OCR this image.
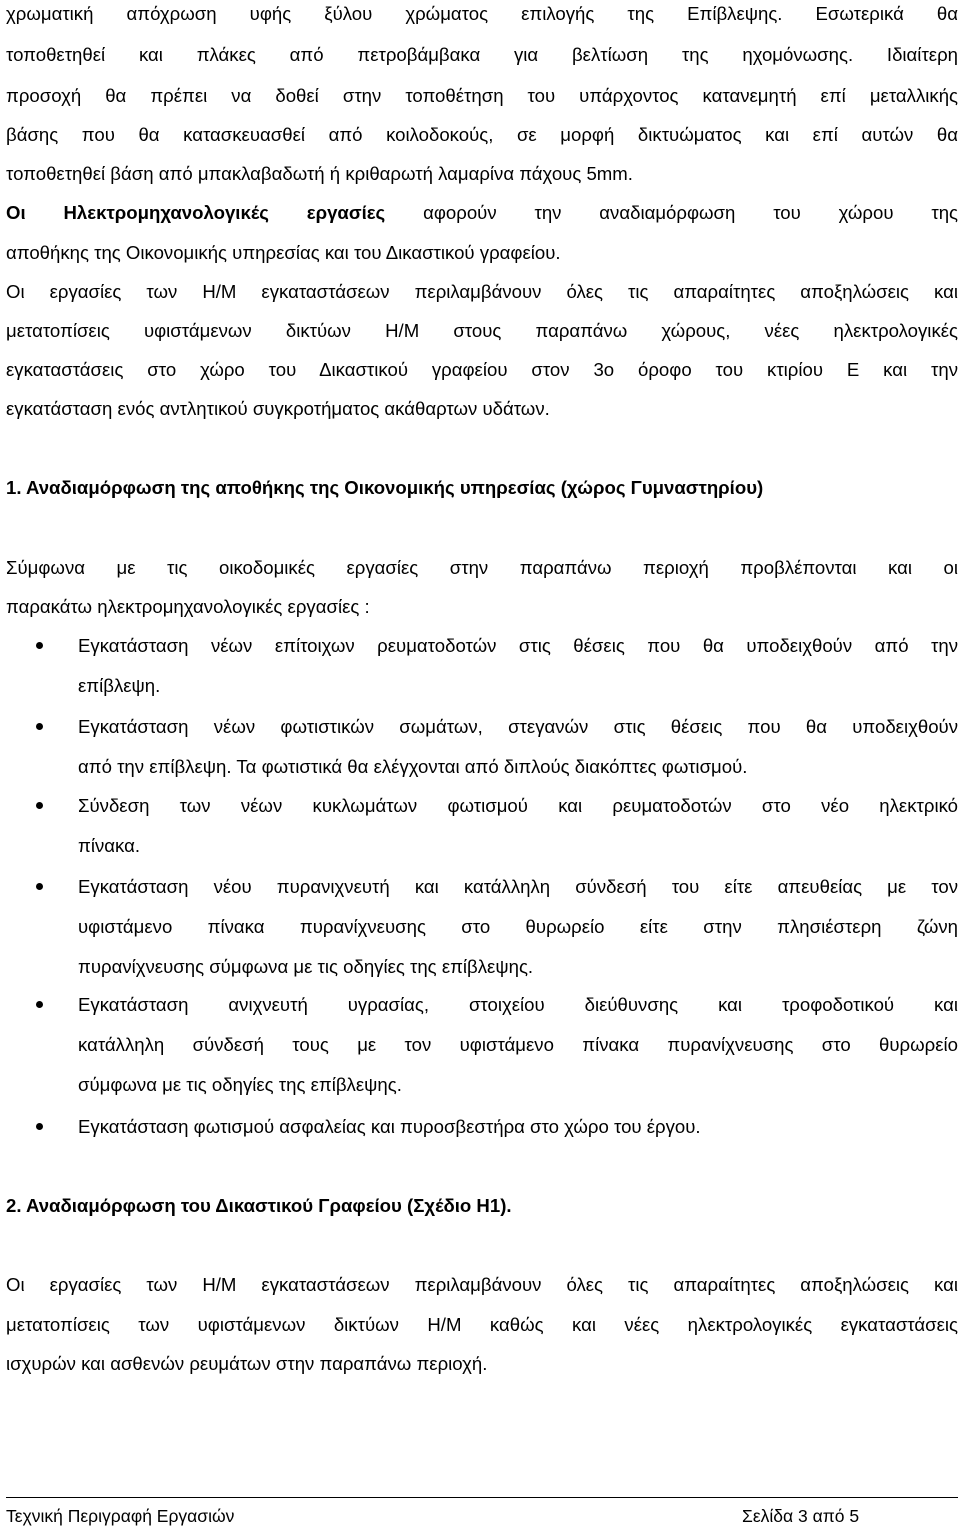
χρωματική απόχρωση υφής ξύλου χρώματος επιλογής της Επίβλεψης. Εσωτερικά θα
τοποθετηθεί και πλάκες από πετροβάμβακα για βελτίωση της ηχομόνωσης. Ιδιαίτερη
προσοχή θα πρέπει να δοθεί στην τοποθέτηση του υπάρχοντος κατανεμητή επί μεταλλικής
βάσης που θα κατασκευασθεί από κοιλοδοκούς, σε μορφή δικτυώματος και επί αυτών θα
τοποθετηθεί βάση από μπακλαβαδωτή ή κριθαρωτή λαμαρίνα πάχους 5mm.
Οι Ηλεκτρομηχανολογικές εργασίες αφορούν την αναδιαμόρφωση του χώρου της
αποθήκης της Οικονομικής υπηρεσίας και του Δικαστικού γραφείου.
Οι εργασίες των Η/Μ εγκαταστάσεων περιλαμβάνουν όλες τις απαραίτητες αποξηλώσεις και
μετατοπίσεις υφιστάμενων δικτύων Η/Μ στους παραπάνω χώρους, νέες ηλεκτρολογικές
εγκαταστάσεις στο χώρο του Δικαστικού γραφείου στον 3ο όροφο του κτιρίου Ε και την
εγκατάσταση ενός αντλητικού συγκροτήματος ακάθαρτων υδάτων.
1. Αναδιαμόρφωση της αποθήκης της Οικονομικής υπηρεσίας (χώρος Γυμναστηρίου)
Σύμφωνα με τις οικοδομικές εργασίες στην παραπάνω περιοχή προβλέπονται και οι
παρακάτω ηλεκτρομηχανολογικές εργασίες :
Εγκατάσταση νέων επίτοιχων ρευματοδοτών στις θέσεις που θα υποδειχθούν από την
επίβλεψη.
Εγκατάσταση νέων φωτιστικών σωμάτων, στεγανών στις θέσεις που θα υποδειχθούν
από την επίβλεψη. Τα φωτιστικά θα ελέγχονται από διπλούς διακόπτες φωτισμού.
Σύνδεση των νέων κυκλωμάτων φωτισμού και ρευματοδοτών στο νέο ηλεκτρικό
πίνακα.
Εγκατάσταση νέου πυρανιχνευτή και κατάλληλη σύνδεσή του είτε απευθείας με τον
υφιστάμενο πίνακα πυρανίχνευσης στο θυρωρείο είτε στην πλησιέστερη ζώνη
πυρανίχνευσης σύμφωνα με τις οδηγίες της επίβλεψης.
Εγκατάσταση ανιχνευτή υγρασίας, στοιχείου διεύθυνσης και τροφοδοτικού και
κατάλληλη σύνδεσή τους με τον υφιστάμενο πίνακα πυρανίχνευσης στο θυρωρείο
σύμφωνα με τις οδηγίες της επίβλεψης.
Εγκατάσταση φωτισμού ασφαλείας και πυροσβεστήρα στο χώρο του έργου.
2. Αναδιαμόρφωση του Δικαστικού Γραφείου (Σχέδιο Η1).
Οι εργασίες των Η/Μ εγκαταστάσεων περιλαμβάνουν όλες τις απαραίτητες αποξηλώσεις και
μετατοπίσεις των υφιστάμενων δικτύων Η/Μ καθώς και νέες ηλεκτρολογικές εγκαταστάσεις
ισχυρών και ασθενών ρευμάτων στην παραπάνω περιοχή.
Τεχνική Περιγραφή Εργασιών	Σελίδα 3 από 5
